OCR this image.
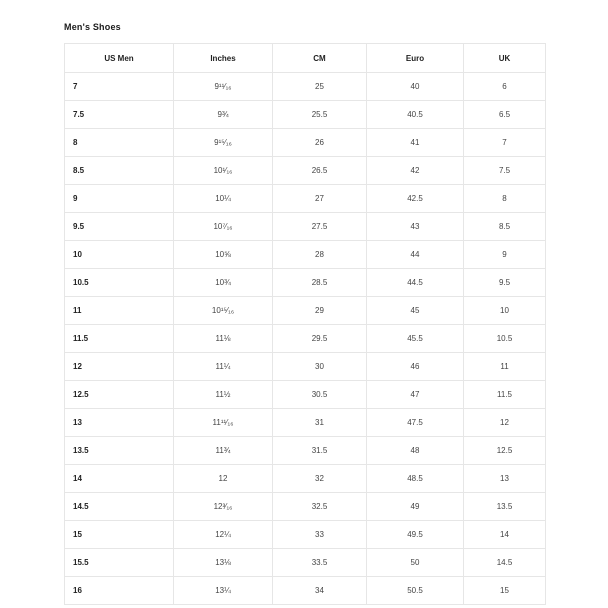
Men's Shoes
US Men	Inches	CM	Euro	UK
7	9¹¹⁄₁₆	25	40	6
7.5	9¾	25.5	40.5	6.5
8	9¹⁵⁄₁₆	26	41	7
8.5	10¹⁄₁₆	26.5	42	7.5
9	10¼	27	42.5	8
9.5	10⁷⁄₁₆	27.5	43	8.5
10	10⅝	28	44	9
10.5	10¾	28.5	44.5	9.5
11	10¹⁵⁄₁₆	29	45	10
11.5	11⅛	29.5	45.5	10.5
12	11¼	30	46	11
12.5	11½	30.5	47	11.5
13	11¹¹⁄₁₆	31	47.5	12
13.5	11¾	31.5	48	12.5
14	12	32	48.5	13
14.5	12³⁄₁₆	32.5	49	13.5
15	12¼	33	49.5	14
15.5	13⅛	33.5	50	14.5
16	13¼	34	50.5	15
